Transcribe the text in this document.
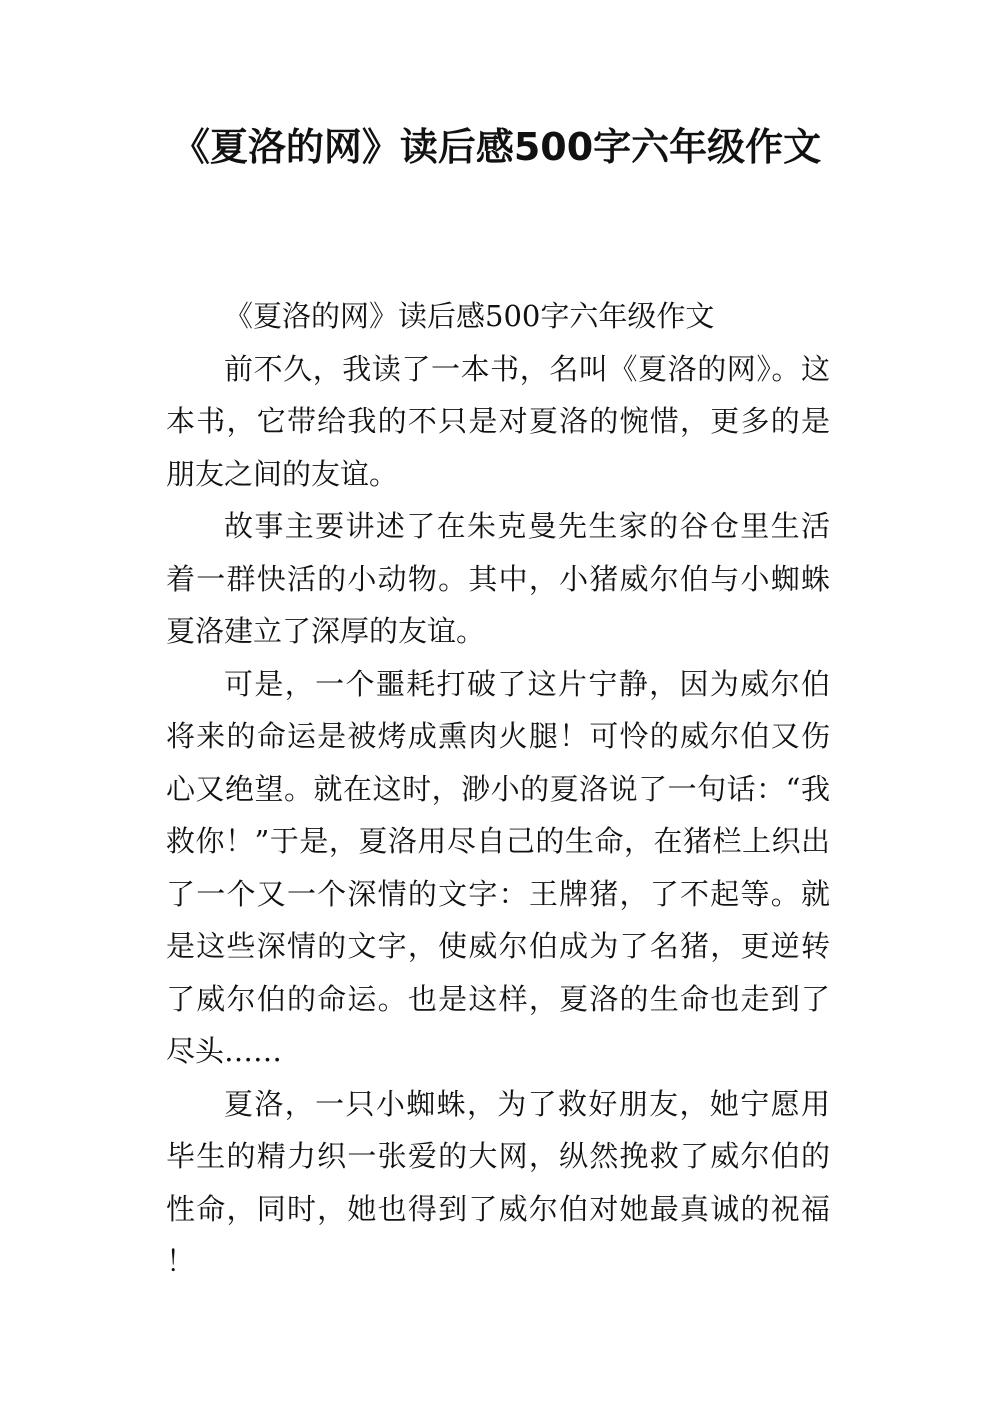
《夏洛的网》读后感500字六年级作文

《夏洛的网》读后感500字六年级作文

前不久，我读了一本书，名叫《夏洛的网》。这本书，它带给我的不只是对夏洛的惋惜，更多的是朋友之间的友谊。

故事主要讲述了在朱克曼先生家的谷仓里生活着一群快活的小动物。其中，小猪威尔伯与小蜘蛛夏洛建立了深厚的友谊。

可是，一个噩耗打破了这片宁静，因为威尔伯将来的命运是被烤成熏肉火腿！可怜的威尔伯又伤心又绝望。就在这时，渺小的夏洛说了一句话：“我救你！”于是，夏洛用尽自己的生命，在猪栏上织出了一个又一个深情的文字：王牌猪，了不起等。就是这些深情的文字，使威尔伯成为了名猪，更逆转了威尔伯的命运。也是这样，夏洛的生命也走到了尽头……

夏洛，一只小蜘蛛，为了救好朋友，她宁愿用毕生的精力织一张爱的大网，纵然挽救了威尔伯的性命，同时，她也得到了威尔伯对她最真诚的祝福！
